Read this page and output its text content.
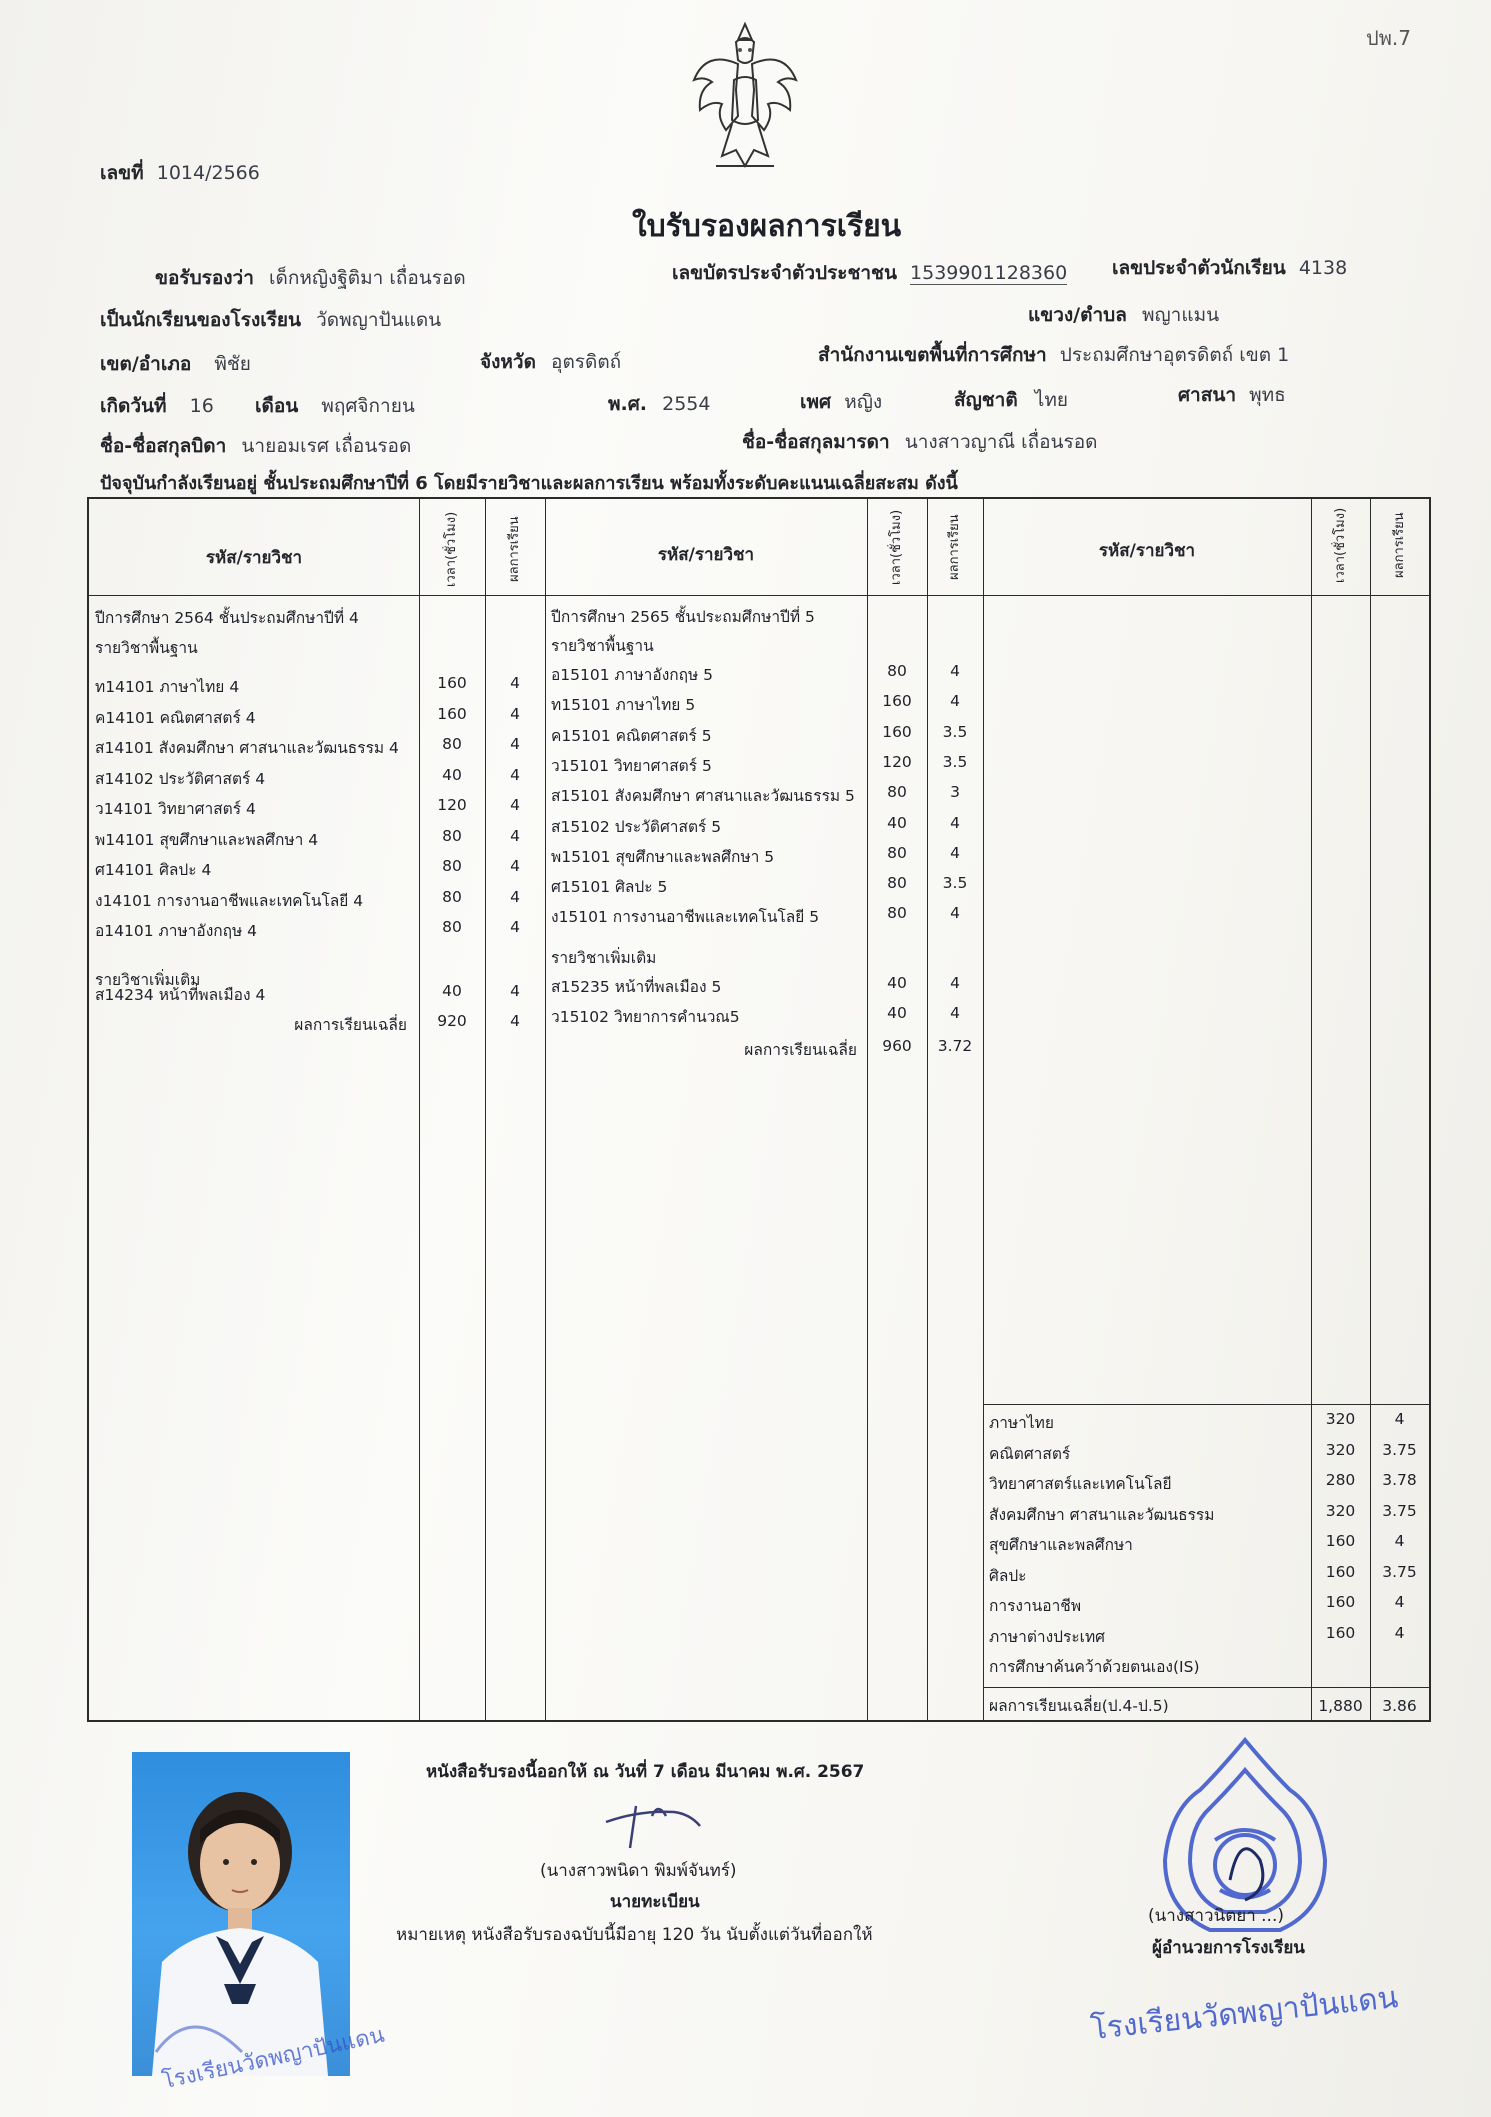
ปพ.7
เลขที่ 1014/2566
ใบรับรองผลการเรียน
ขอรับรองว่า เด็กหญิงฐิติมา เถื่อนรอด	เลขบัตรประจำตัวประชาชน 1539901128360 เลขประจำตัวนักเรียน 4138
เป็นนักเรียนของโรงเรียน วัดพญาปันแดน	แขวง/ตำบล พญาแมน
เขต/อำเภอ พิชัย	จังหวัด อุตรดิตถ์	สำนักงานเขตพื้นที่การศึกษา ประถมศึกษาอุตรดิตถ์ เขต 1
เกิดวันที่ 16 เดือน พฤศจิกายน	พ.ศ. 2554	เพศ หญิง	สัญชาติ ไทย	ศาสนา พุทธ
ชื่อ-ชื่อสกุลบิดา นายอมเรศ เถื่อนรอด	ชื่อ-ชื่อสกุลมารดา นางสาวญาณี เถื่อนรอด
ปัจจุบันกำลังเรียนอยู่ ชั้นประถมศึกษาปีที่ 6 โดยมีรายวิชาและผลการเรียน พร้อมทั้งระดับคะแนนเฉลี่ยสะสม ดังนี้
รหัส/รายวิชา	เวลา(ชั่วโมง)	ผลการเรียน	รหัส/รายวิชา	เวลา(ชั่วโมง)	ผลการเรียน	รหัส/รายวิชา	เวลา(ชั่วโมง)	ผลการเรียน
ปีการศึกษา 2564 ชั้นประถมศึกษาปีที่ 4
รายวิชาพื้นฐาน
ท14101 ภาษาไทย 4	160	4
ค14101 คณิตศาสตร์ 4	160	4
ส14101 สังคมศึกษา ศาสนาและวัฒนธรรม 4	80	4
ส14102 ประวัติศาสตร์ 4	40	4
ว14101 วิทยาศาสตร์ 4	120	4
พ14101 สุขศึกษาและพลศึกษา 4	80	4
ศ14101 ศิลปะ 4	80	4
ง14101 การงานอาชีพและเทคโนโลยี 4	80	4
อ14101 ภาษาอังกฤษ 4	80	4
รายวิชาเพิ่มเติม
ส14234 หน้าที่พลเมือง 4	40	4
ผลการเรียนเฉลี่ย	920	4
ปีการศึกษา 2565 ชั้นประถมศึกษาปีที่ 5
รายวิชาพื้นฐาน
อ15101 ภาษาอังกฤษ 5	80	4
ท15101 ภาษาไทย 5	160	4
ค15101 คณิตศาสตร์ 5	160	3.5
ว15101 วิทยาศาสตร์ 5	120	3.5
ส15101 สังคมศึกษา ศาสนาและวัฒนธรรม 5	80	3
ส15102 ประวัติศาสตร์ 5	40	4
พ15101 สุขศึกษาและพลศึกษา 5	80	4
ศ15101 ศิลปะ 5	80	3.5
ง15101 การงานอาชีพและเทคโนโลยี 5	80	4
รายวิชาเพิ่มเติม
ส15235 หน้าที่พลเมือง 5	40	4
ว15102 วิทยาการคำนวณ5	40	4
ผลการเรียนเฉลี่ย	960	3.72
ภาษาไทย	320	4
คณิตศาสตร์	320	3.75
วิทยาศาสตร์และเทคโนโลยี	280	3.78
สังคมศึกษา ศาสนาและวัฒนธรรม	320	3.75
สุขศึกษาและพลศึกษา	160	4
ศิลปะ	160	3.75
การงานอาชีพ	160	4
ภาษาต่างประเทศ	160	4
การศึกษาค้นคว้าด้วยตนเอง(IS)
ผลการเรียนเฉลี่ย(ป.4-ป.5)	1,880	3.86
โรงเรียนวัดพญาปันแดน
หนังสือรับรองนี้ออกให้ ณ วันที่ 7 เดือน มีนาคม พ.ศ. 2567
(นางสาวพนิดา พิมพ์จันทร์)
นายทะเบียน
หมายเหตุ หนังสือรับรองฉบับนี้มีอายุ 120 วัน นับตั้งแต่วันที่ออกให้
(นางสาวนิตยา ...)
ผู้อำนวยการโรงเรียน
โรงเรียนวัดพญาปันแดน
